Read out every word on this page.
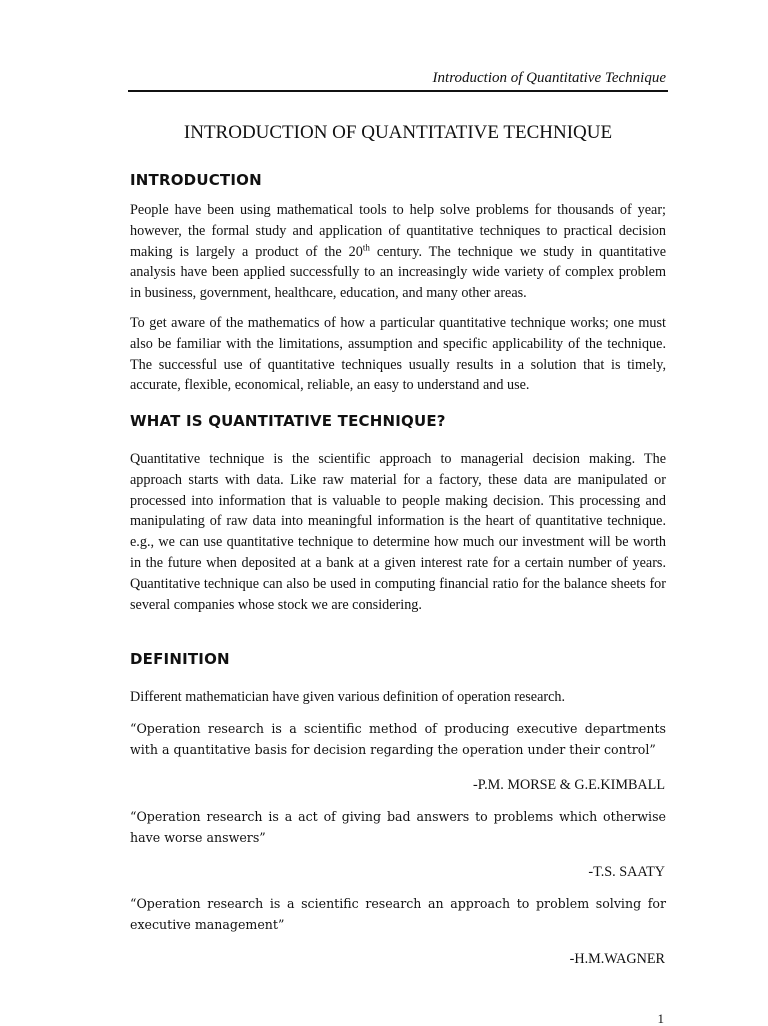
Introduction of Quantitative Technique
INTRODUCTION OF QUANTITATIVE TECHNIQUE
INTRODUCTION

People have been using mathematical tools to help solve problems for thousands of year; however, the formal study and application of quantitative techniques to practical decision making is largely a product of the 20th century. The technique we study in quantitative analysis have been applied successfully to an increasingly wide variety of complex problem in business, government, healthcare, education, and many other areas.

To get aware of the mathematics of how a particular quantitative technique works; one must also be familiar with the limitations, assumption and specific applicability of the technique. The successful use of quantitative techniques usually results in a solution that is timely, accurate, flexible, economical, reliable, an easy to understand and use.

WHAT IS QUANTITATIVE TECHNIQUE?

Quantitative technique is the scientific approach to managerial decision making. The approach starts with data. Like raw material for a factory, these data are manipulated or processed into information that is valuable to people making decision. This processing and manipulating of raw data into meaningful information is the heart of quantitative technique. e.g., we can use quantitative technique to determine how much our investment will be worth in the future when deposited at a bank at a given interest rate for a certain number of years. Quantitative technique can also be used in computing financial ratio for the balance sheets for several companies whose stock we are considering.

DEFINITION

Different mathematician have given various definition of operation research.

“Operation research is a scientific method of producing executive departments with a quantitative basis for decision regarding the operation under their control”

-P.M. MORSE & G.E.KIMBALL

“Operation research is a act of giving bad answers to problems which otherwise have worse answers”

-T.S. SAATY

“Operation research is a scientific research an approach to problem solving for executive management”

-H.M.WAGNER

1
